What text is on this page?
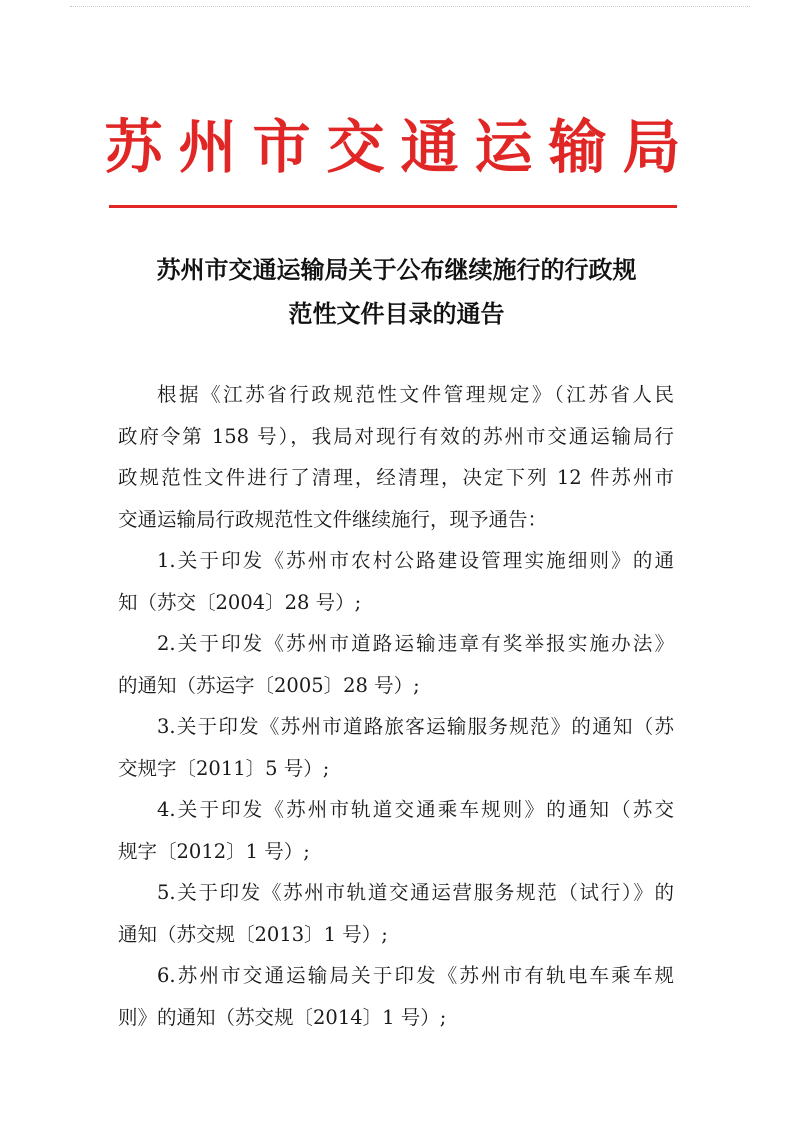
苏州市交通运输局
苏州市交通运输局关于公布继续施行的行政规
范性文件目录的通告
根据《江苏省行政规范性文件管理规定》（江苏省人民
政府令第 158 号），我局对现行有效的苏州市交通运输局行
政规范性文件进行了清理，经清理，决定下列 12 件苏州市
交通运输局行政规范性文件继续施行，现予通告：
1.关于印发《苏州市农村公路建设管理实施细则》的通
知（苏交〔2004〕28 号）;
2.关于印发《苏州市道路运输违章有奖举报实施办法》
的通知（苏运字〔2005〕28 号）;
3.关于印发《苏州市道路旅客运输服务规范》的通知（苏
交规字〔2011〕5 号）;
4.关于印发《苏州市轨道交通乘车规则》的通知（苏交
规字〔2012〕1 号）;
5.关于印发《苏州市轨道交通运营服务规范（试行）》的
通知（苏交规〔2013〕1 号）;
6.苏州市交通运输局关于印发《苏州市有轨电车乘车规
则》的通知（苏交规〔2014〕1 号）;
